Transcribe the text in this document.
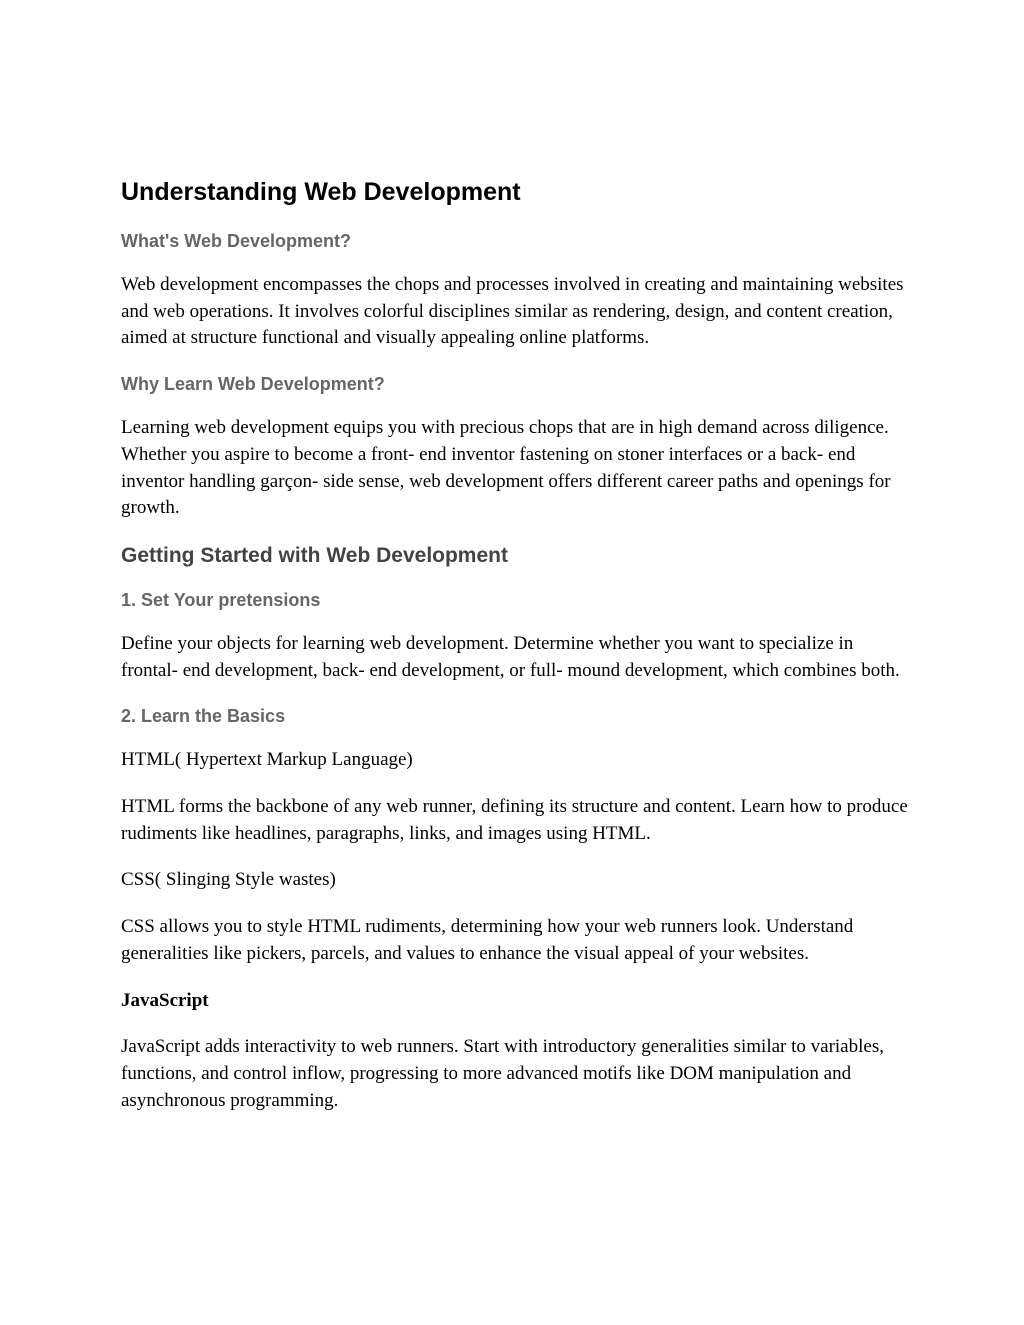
Understanding Web Development
What's Web Development?

Web development encompasses the chops and processes involved in creating and maintaining websites and web operations. It involves colorful disciplines similar as rendering, design, and content creation, aimed at structure functional and visually appealing online platforms.

Why Learn Web Development?

Learning web development equips you with precious chops that are in high demand across diligence. Whether you aspire to become a front- end inventor fastening on stoner interfaces or a back- end inventor handling garçon- side sense, web development offers different career paths and openings for growth.

Getting Started with Web Development
1. Set Your pretensions

Define your objects for learning web development. Determine whether you want to specialize in frontal- end development, back- end development, or full- mound development, which combines both.

2. Learn the Basics

HTML( Hypertext Markup Language)

HTML forms the backbone of any web runner, defining its structure and content. Learn how to produce rudiments like headlines, paragraphs, links, and images using HTML.

CSS( Slinging Style wastes)

CSS allows you to style HTML rudiments, determining how your web runners look. Understand generalities like pickers, parcels, and values to enhance the visual appeal of your websites.

JavaScript

JavaScript adds interactivity to web runners. Start with introductory generalities similar to variables, functions, and control inflow, progressing to more advanced motifs like DOM manipulation and asynchronous programming.
